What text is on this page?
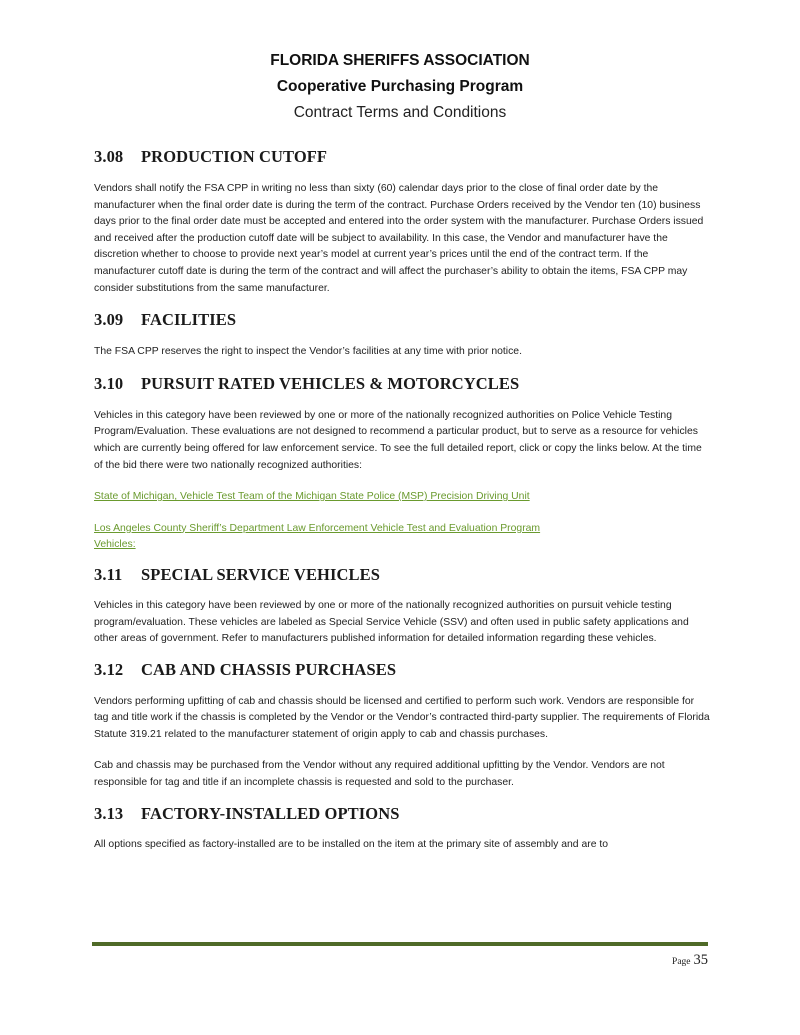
FLORIDA SHERIFFS ASSOCIATION
Cooperative Purchasing Program
Contract Terms and Conditions
3.08 PRODUCTION CUTOFF

Vendors shall notify the FSA CPP in writing no less than sixty (60) calendar days prior to the close of final order date by the manufacturer when the final order date is during the term of the contract. Purchase Orders received by the Vendor ten (10) business days prior to the final order date must be accepted and entered into the order system with the manufacturer. Purchase Orders issued and received after the production cutoff date will be subject to availability. In this case, the Vendor and manufacturer have the discretion whether to choose to provide next year’s model at current year’s prices until the end of the contract term. If the manufacturer cutoff date is during the term of the contract and will affect the purchaser’s ability to obtain the items, FSA CPP may consider substitutions from the same manufacturer.

3.09 FACILITIES

The FSA CPP reserves the right to inspect the Vendor’s facilities at any time with prior notice.

3.10 PURSUIT RATED VEHICLES & MOTORCYCLES

Vehicles in this category have been reviewed by one or more of the nationally recognized authorities on Police Vehicle Testing Program/Evaluation. These evaluations are not designed to recommend a particular product, but to serve as a resource for vehicles which are currently being offered for law enforcement service. To see the full detailed report, click or copy the links below. At the time of the bid there were two nationally recognized authorities:

State of Michigan, Vehicle Test Team of the Michigan State Police (MSP) Precision Driving Unit
Los Angeles County Sheriff’s Department Law Enforcement Vehicle Test and Evaluation Program
Vehicles:
3.11 SPECIAL SERVICE VEHICLES

Vehicles in this category have been reviewed by one or more of the nationally recognized authorities on pursuit vehicle testing program/evaluation. These vehicles are labeled as Special Service Vehicle (SSV) and often used in public safety applications and other areas of government. Refer to manufacturers published information for detailed information regarding these vehicles.

3.12 CAB AND CHASSIS PURCHASES

Vendors performing upfitting of cab and chassis should be licensed and certified to perform such work. Vendors are responsible for tag and title work if the chassis is completed by the Vendor or the Vendor’s contracted third-party supplier. The requirements of Florida Statute 319.21 related to the manufacturer statement of origin apply to cab and chassis purchases.

Cab and chassis may be purchased from the Vendor without any required additional upfitting by the Vendor. Vendors are not responsible for tag and title if an incomplete chassis is requested and sold to the purchaser.

3.13 FACTORY-INSTALLED OPTIONS

All options specified as factory-installed are to be installed on the item at the primary site of assembly and are to

Page 35
